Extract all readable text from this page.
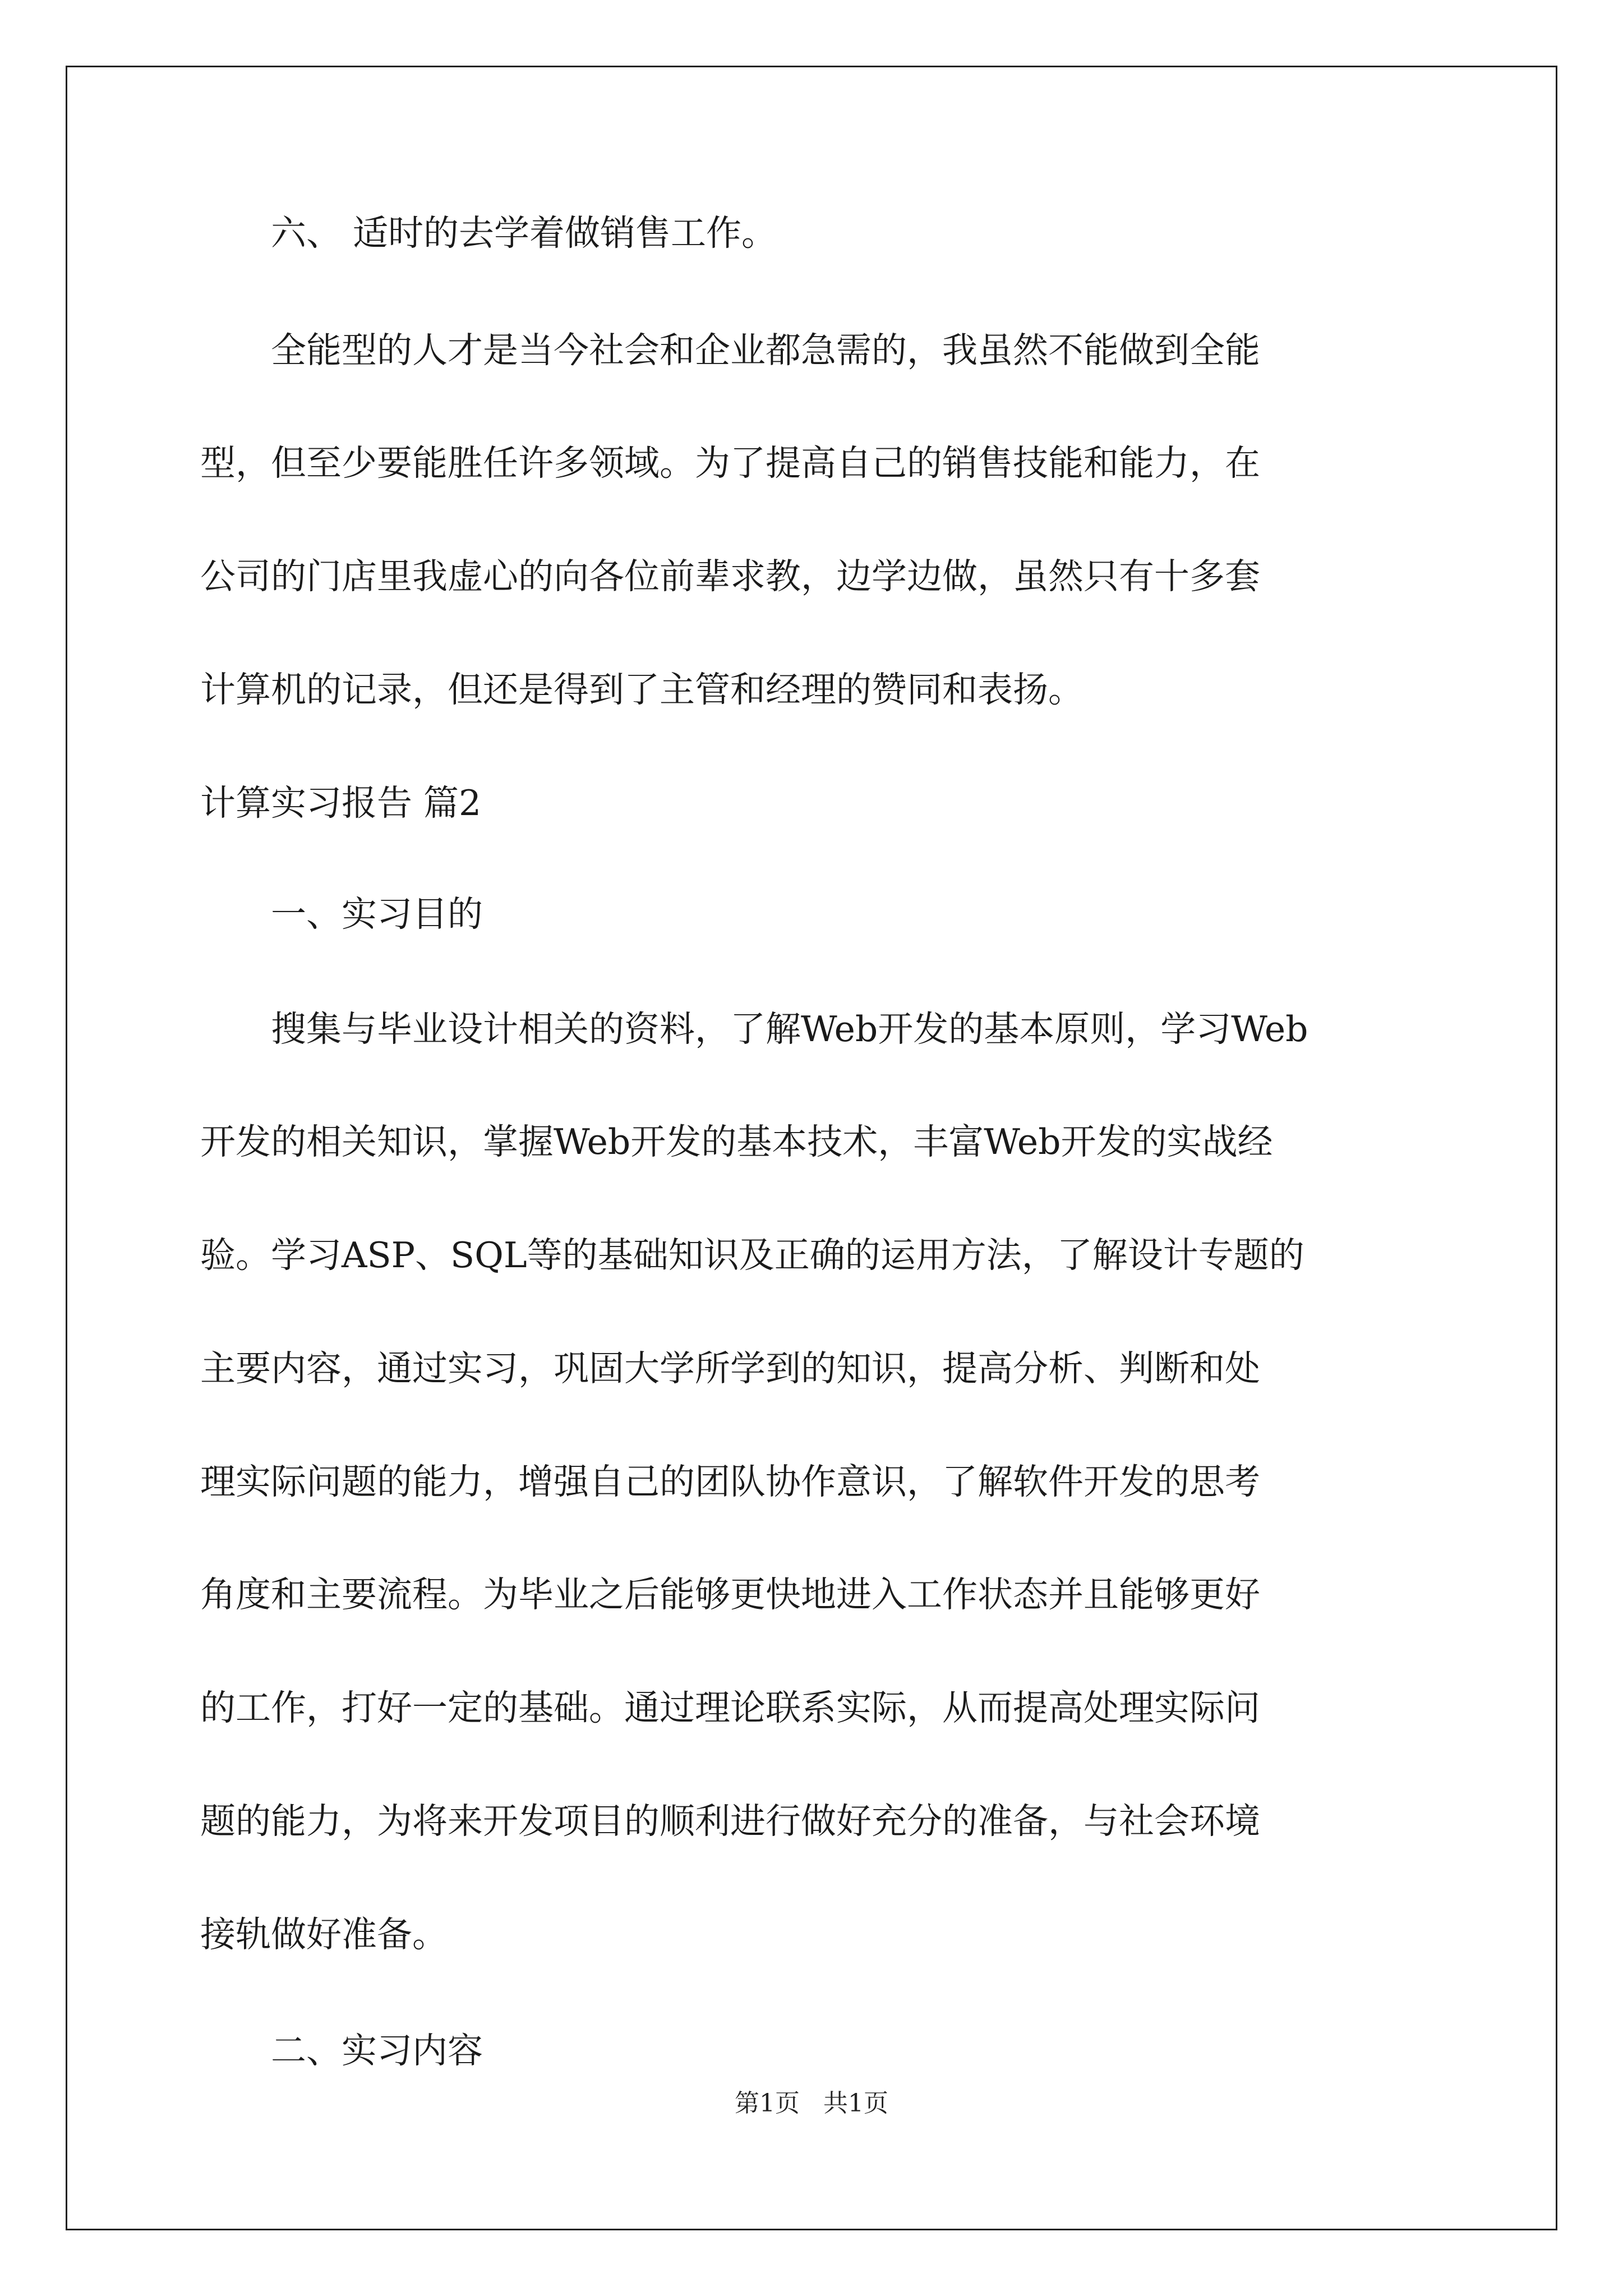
　　六、 适时的去学着做销售工作。
　　全能型的人才是当今社会和企业都急需的，我虽然不能做到全能
型，但至少要能胜任许多领域。为了提高自己的销售技能和能力，在
公司的门店里我虚心的向各位前辈求教，边学边做，虽然只有十多套
计算机的记录，但还是得到了主管和经理的赞同和表扬。
计算实习报告 篇2
　　一、实习目的
　　搜集与毕业设计相关的资料，了解Web开发的基本原则，学习Web
开发的相关知识，掌握Web开发的基本技术，丰富Web开发的实战经
验。学习ASP、SQL等的基础知识及正确的运用方法，了解设计专题的
主要内容，通过实习，巩固大学所学到的知识，提高分析、判断和处
理实际问题的能力，增强自己的团队协作意识，了解软件开发的思考
角度和主要流程。为毕业之后能够更快地进入工作状态并且能够更好
的工作，打好一定的基础。通过理论联系实际，从而提高处理实际问
题的能力，为将来开发项目的顺利进行做好充分的准备，与社会环境
接轨做好准备。
　　二、实习内容
第1页 共1页
